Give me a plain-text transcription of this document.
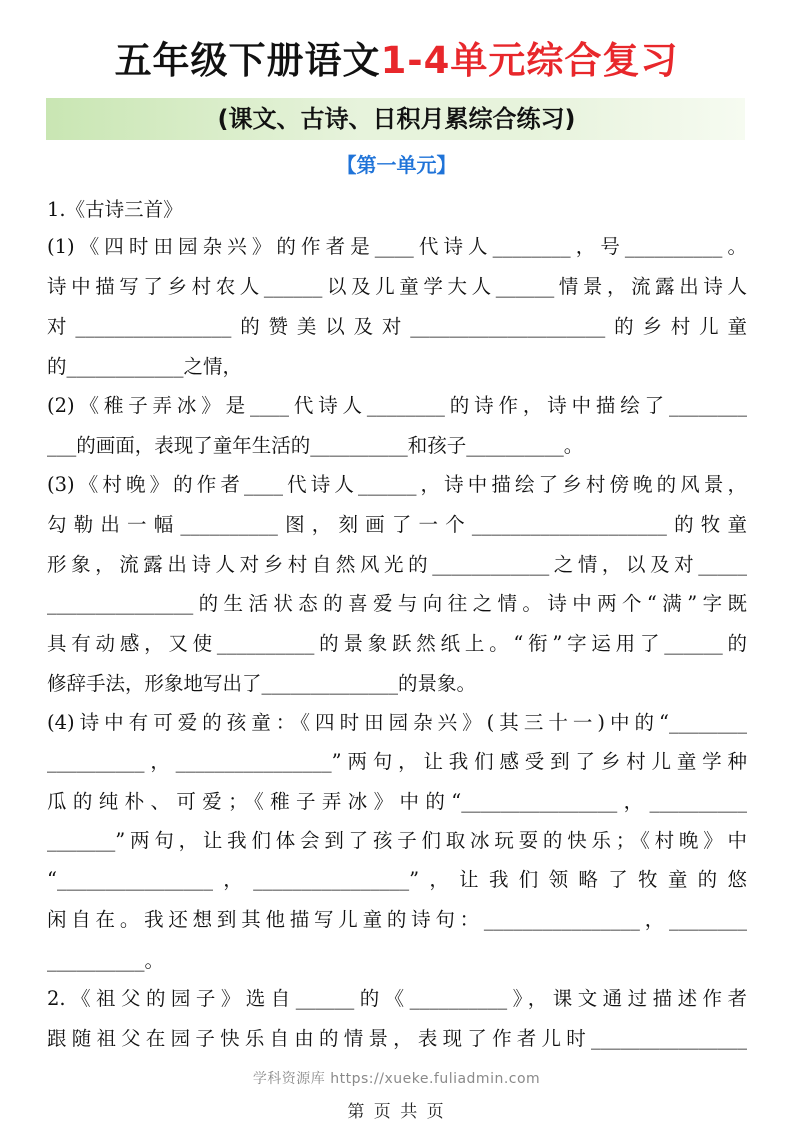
五年级下册语文1-4单元综合复习
(课文、古诗、日积月累综合练习)
【第一单元】
1.《古诗三首》
(1)《四时田园杂兴》的作者是____代诗人________，号__________。
诗中描写了乡村农人______以及儿童学大人______情景，流露出诗人
对________________的赞美以及对____________________的乡村儿童
的____________之情，
(2)《稚子弄冰》是____代诗人________的诗作，诗中描绘了________
___的画面，表现了童年生活的__________和孩子__________。
(3)《村晚》的作者____代诗人______，诗中描绘了乡村傍晚的风景，
勾勒出一幅__________图，刻画了一个____________________的牧童
形象，流露出诗人对乡村自然风光的____________之情，以及对_____
_______________的生活状态的喜爱与向往之情。诗中两个“满”字既
具有动感，又使__________的景象跃然纸上。“衔”字运用了______的
修辞手法，形象地写出了______________的景象。
(4)诗中有可爱的孩童：《四时田园杂兴》(其三十一)中的“________
__________，________________”两句，让我们感受到了乡村儿童学种
瓜的纯朴、可爱；《稚子弄冰》中的“________________，__________
_______”两句，让我们体会到了孩子们取冰玩耍的快乐；《村晚》中
“________________，________________”，让我们领略了牧童的悠
闲自在。我还想到其他描写儿童的诗句：________________，________
__________。
2.《祖父的园子》选自______的《__________》，课文通过描述作者
跟随祖父在园子快乐自由的情景，表现了作者儿时________________
学科资源库 https://xueke.fuliadmin.com
第 页 共 页
